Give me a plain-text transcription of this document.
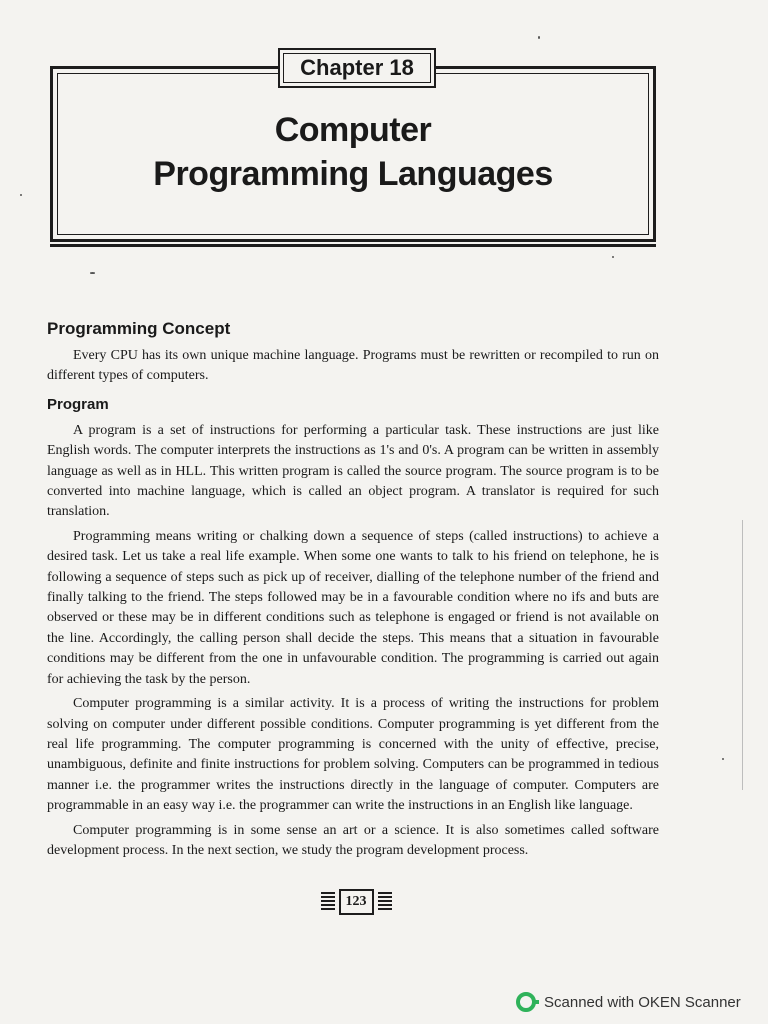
Chapter 18
Computer
Programming Languages
Programming Concept

Every CPU has its own unique machine language. Programs must be rewritten or recompiled to run on different types of computers.

Program

A program is a set of instructions for performing a particular task. These instructions are just like English words. The computer interprets the instructions as 1's and 0's. A program can be written in assembly language as well as in HLL. This written program is called the source program. The source program is to be converted into machine language, which is called an object program. A translator is required for such translation.

Programming means writing or chalking down a sequence of steps (called instructions) to achieve a desired task. Let us take a real life example. When some one wants to talk to his friend on telephone, he is following a sequence of steps such as pick up of receiver, dialling of the telephone number of the friend and finally talking to the friend. The steps followed may be in a favourable condition where no ifs and buts are observed or these may be in different conditions such as telephone is engaged or friend is not available on the line. Accordingly, the calling person shall decide the steps. This means that a situation in favourable conditions may be different from the one in unfavourable condition. The programming is carried out again for achieving the task by the person.

Computer programming is a similar activity. It is a process of writing the instructions for problem solving on computer under different possible conditions. Computer programming is yet different from the real life programming. The computer programming is concerned with the unity of effective, precise, unambiguous, definite and finite instructions for problem solving. Computers can be programmed in tedious manner i.e. the programmer writes the instructions directly in the language of computer. Computers are programmable in an easy way i.e. the programmer can write the instructions in an English like language.

Computer programming is in some sense an art or a science. It is also sometimes called software development process. In the next section, we study the program development process.

123
Scanned with OKEN Scanner
